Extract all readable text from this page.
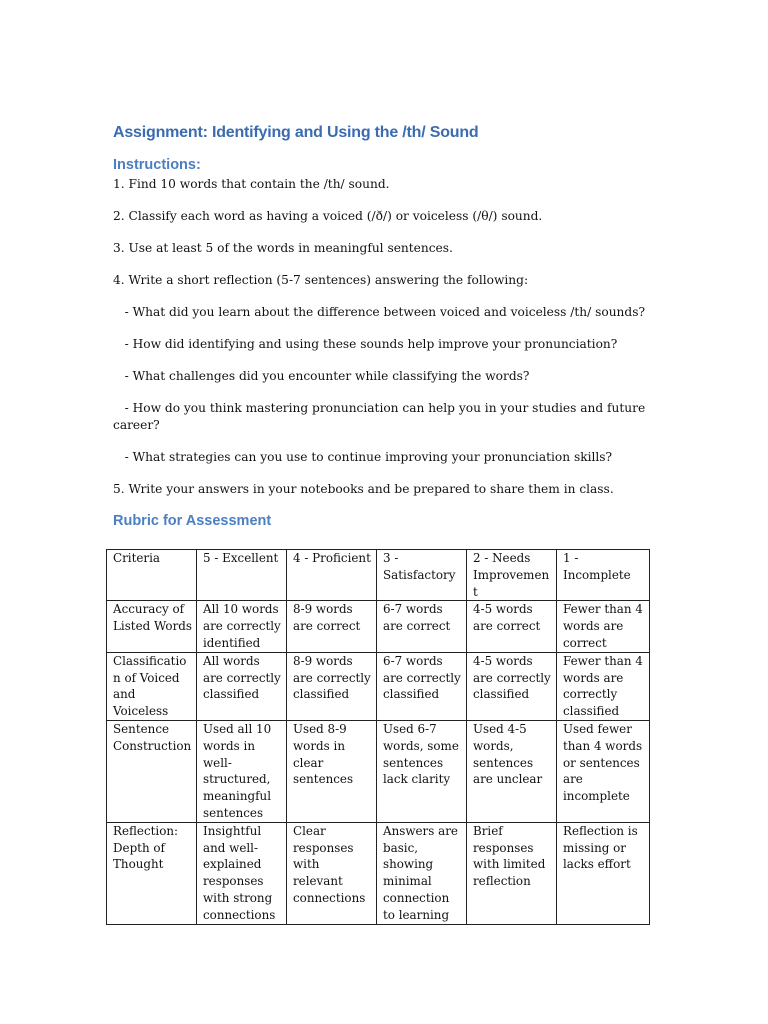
Assignment: Identifying and Using the /th/ Sound
Instructions:
1. Find 10 words that contain the /th/ sound.
2. Classify each word as having a voiced (/ð/) or voiceless (/θ/) sound.
3. Use at least 5 of the words in meaningful sentences.
4. Write a short reflection (5-7 sentences) answering the following:
- What did you learn about the difference between voiced and voiceless /th/ sounds?
- How did identifying and using these sounds help improve your pronunciation?
- What challenges did you encounter while classifying the words?
- How do you think mastering pronunciation can help you in your studies and future career?
- What strategies can you use to continue improving your pronunciation skills?
5. Write your answers in your notebooks and be prepared to share them in class.
Rubric for Assessment
Criteria	5 - Excellent	4 - Proficient	3 - Satisfactory	2 - Needs Improvement	1 - Incomplete
Accuracy of Listed Words	All 10 words are correctly identified	8-9 words are correct	6-7 words are correct	4-5 words are correct	Fewer than 4 words are correct
Classification of Voiced and Voiceless	All words are correctly classified	8-9 words are correctly classified	6-7 words are correctly classified	4-5 words are correctly classified	Fewer than 4 words are correctly classified
Sentence Construction	Used all 10 words in well-structured, meaningful sentences	Used 8-9 words in clear sentences	Used 6-7 words, some sentences lack clarity	Used 4-5 words, sentences are unclear	Used fewer than 4 words or sentences are incomplete
Reflection: Depth of Thought	Insightful and well-explained responses with strong connections	Clear responses with relevant connections	Answers are basic, showing minimal connection to learning	Brief responses with limited reflection	Reflection is missing or lacks effort
